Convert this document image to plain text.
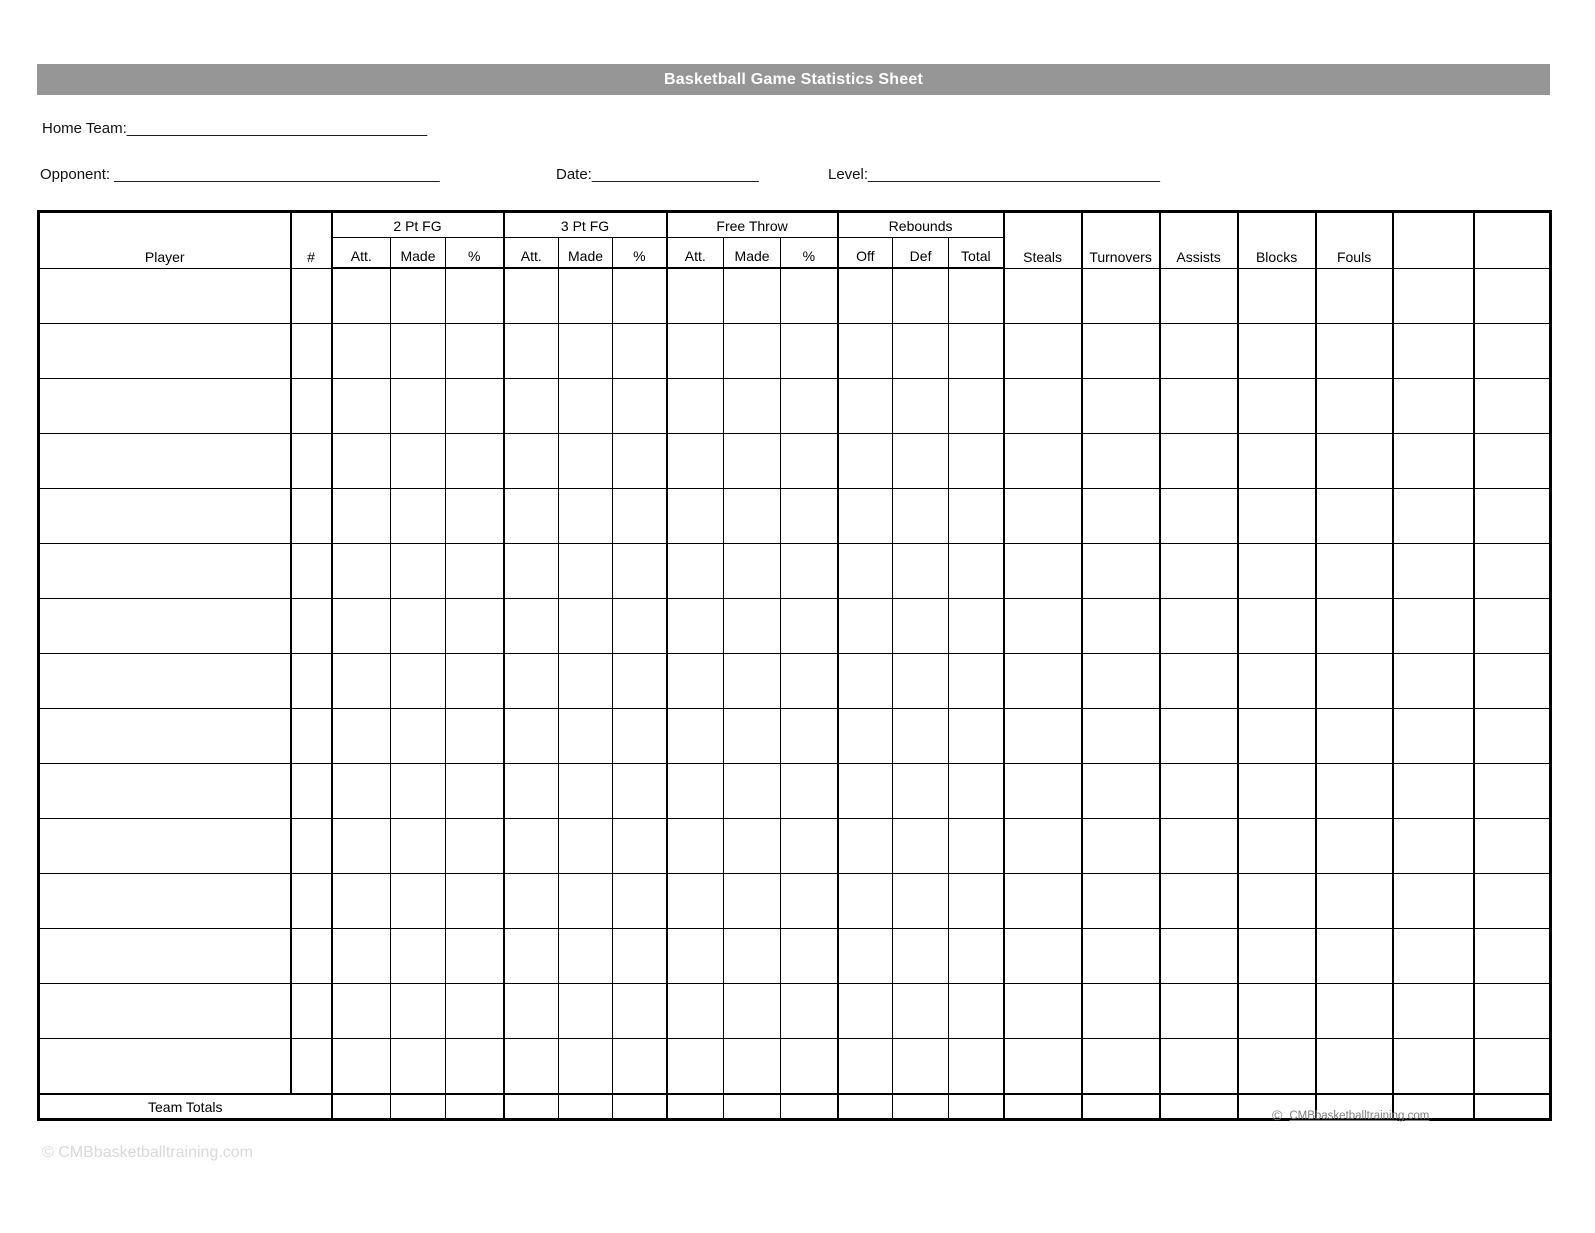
Basketball Game Statistics Sheet
Home Team:____________________________________
Opponent: _______________________________________	Date:____________________	Level:___________________________________
Player	#	2 Pt FG			3 Pt FG			Free Throw			Rebounds			Steals	Turnovers	Assists	Blocks	Fouls		
		Att.	Made	%	Att.	Made	%	Att.	Made	%	Off	Def	Total							

Team Totals																				
© CMBbasketballtraining.com
© CMBbasketballtraining.com
